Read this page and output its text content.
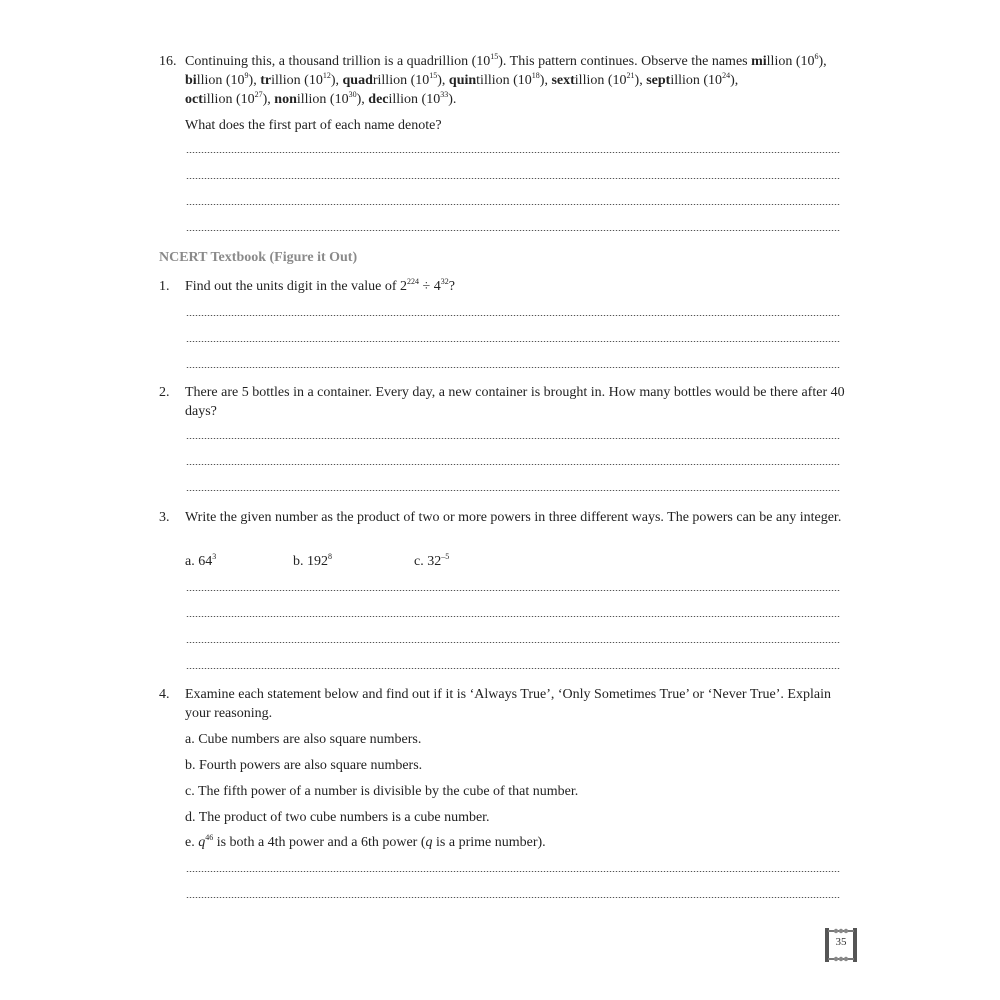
16. Continuing this, a thousand trillion is a quadrillion $(10^{15})$. This pattern continues. Observe the names million $(10^6)$, billion $(10^9)$, trillion $(10^{12})$, quadrillion $(10^{15})$, quintillion $(10^{18})$, sextillion $(10^{21})$, septillion $(10^{24})$,
octillion $(10^{27})$, nonillion $(10^{30})$, decillion $(10^{33})$.
What does the first part of each name denote?
NCERT Textbook (Figure it Out)
1. Find out the units digit in the value of $2^{224} \div 4^{32}$?
2. There are 5 bottles in a container. Every day, a new container is brought in. How many bottles would be there after 40 days?
3. Write the given number as the product of two or more powers in three different ways. The powers can be any integer.
a. $64^3$	b. $192^8$	c. $32^{-5}$
4. Examine each statement below and find out if it is ‘Always True’, ‘Only Sometimes True’ or ‘Never True’. Explain your reasoning.
a. Cube numbers are also square numbers.
b. Fourth powers are also square numbers.
c. The fifth power of a number is divisible by the cube of that number.
d. The product of two cube numbers is a cube number.
e. $q^{46}$ is both a 4th power and a 6th power (q is a prime number).
35
